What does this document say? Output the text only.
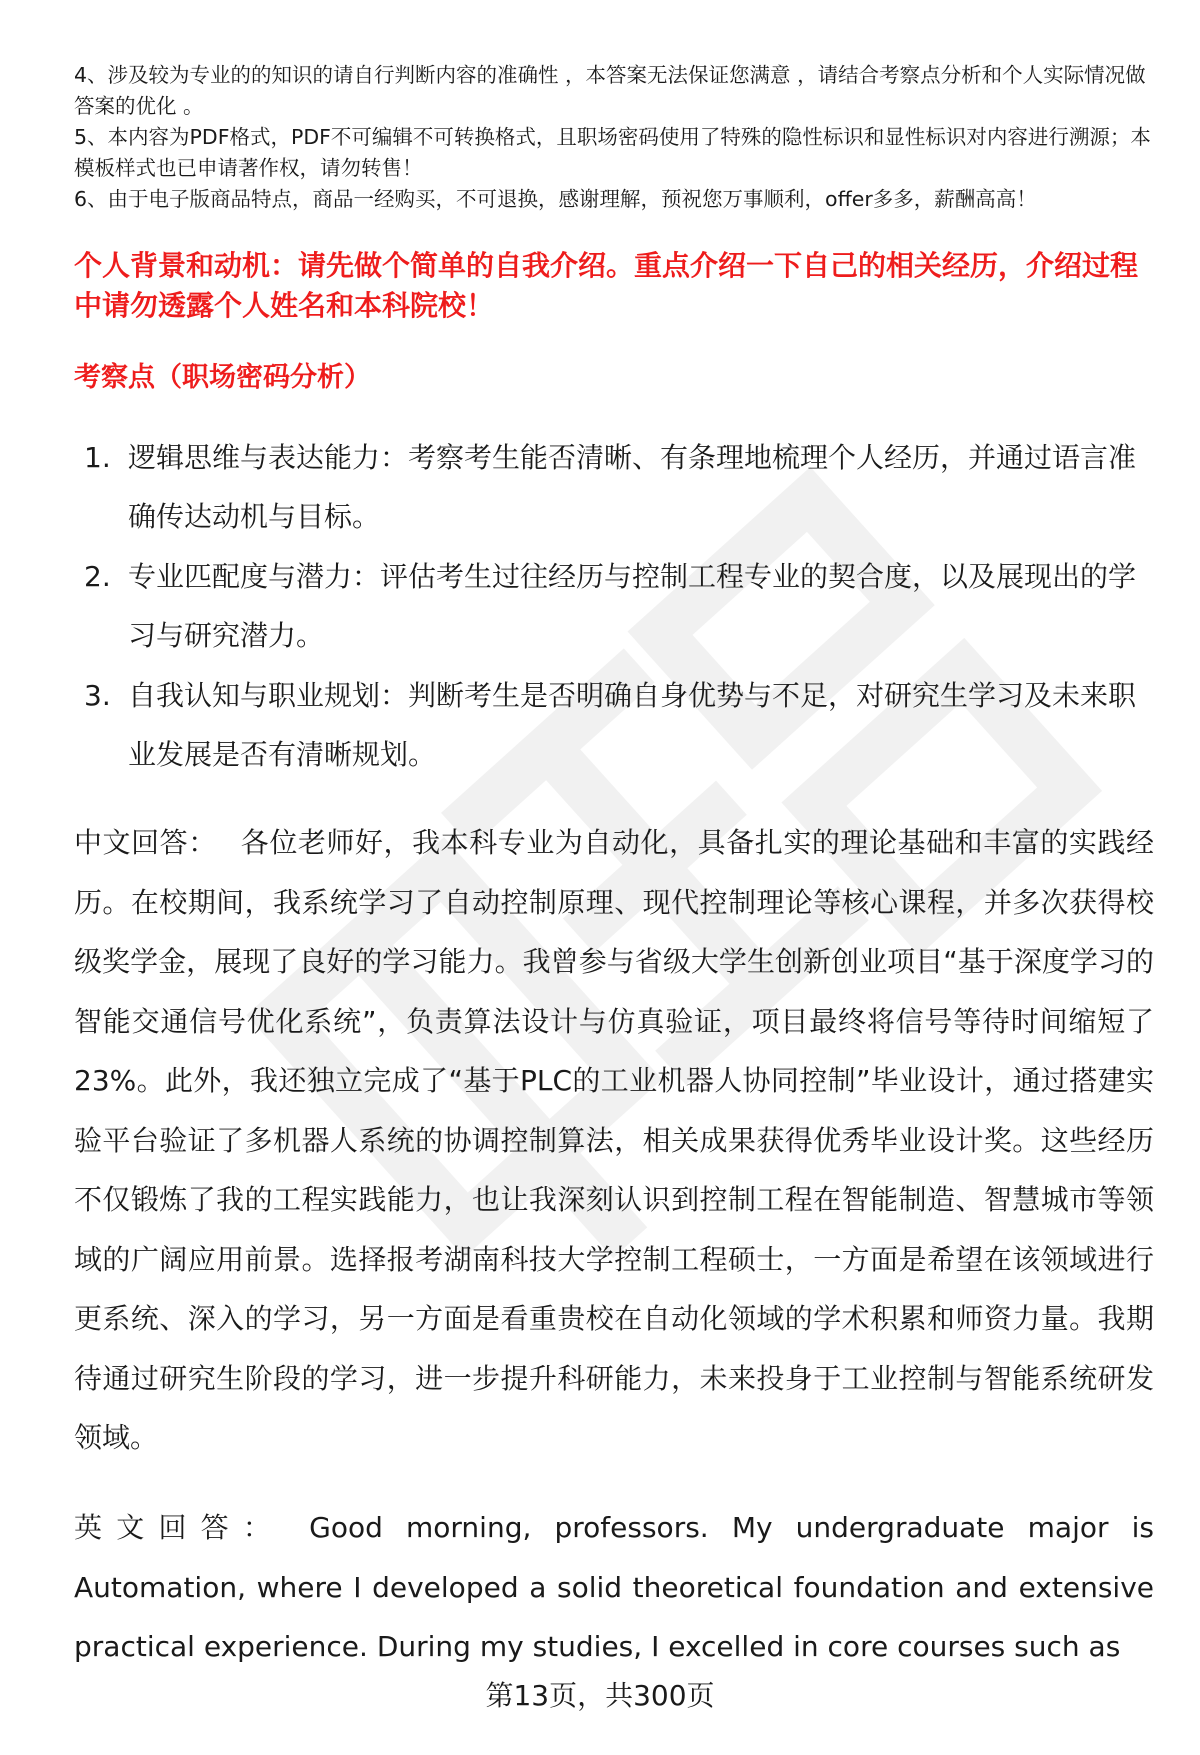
4、涉及较为专业的的知识的请自行判断内容的准确性 ，本答案无法保证您满意 ，请结合考察点分析和个人实际情况做答案的优化 。

5、本内容为PDF格式，PDF不可编辑不可转换格式，且职场密码使用了特殊的隐性标识和显性标识对内容进行溯源；本模板样式也已申请著作权，请勿转售！

6、由于电子版商品特点，商品一经购买，不可退换，感谢理解，预祝您万事顺利，offer多多，薪酬高高！

个人背景和动机：请先做个简单的自我介绍。重点介绍一下自己的相关经历，介绍过程中请勿透露个人姓名和本科院校！
考察点（职场密码分析）
1. 逻辑思维与表达能力：考察考生能否清晰、有条理地梳理个人经历，并通过语言准确传达动机与目标。
2. 专业匹配度与潜力：评估考生过往经历与控制工程专业的契合度，以及展现出的学习与研究潜力。
3. 自我认知与职业规划：判断考生是否明确自身优势与不足，对研究生学习及未来职业发展是否有清晰规划。

中文回答： 各位老师好，我本科专业为自动化，具备扎实的理论基础和丰富的实践经历。在校期间，我系统学习了自动控制原理、现代控制理论等核心课程，并多次获得校级奖学金，展现了良好的学习能力。我曾参与省级大学生创新创业项目“基于深度学习的智能交通信号优化系统”，负责算法设计与仿真验证，项目最终将信号等待时间缩短了23%。此外，我还独立完成了“基于PLC的工业机器人协同控制”毕业设计，通过搭建实验平台验证了多机器人系统的协调控制算法，相关成果获得优秀毕业设计奖。这些经历不仅锻炼了我的工程实践能力，也让我深刻认识到控制工程在智能制造、智慧城市等领域的广阔应用前景。选择报考湖南科技大学控制工程硕士，一方面是希望在该领域进行更系统、深入的学习，另一方面是看重贵校在自动化领域的学术积累和师资力量。我期待通过研究生阶段的学习，进一步提升科研能力，未来投身于工业控制与智能系统研发领域。

英文回答： Good morning, professors. My undergraduate major is Automation, where I developed a solid theoretical foundation and extensive practical experience. During my studies, I excelled in core courses such as

第13页，共300页
